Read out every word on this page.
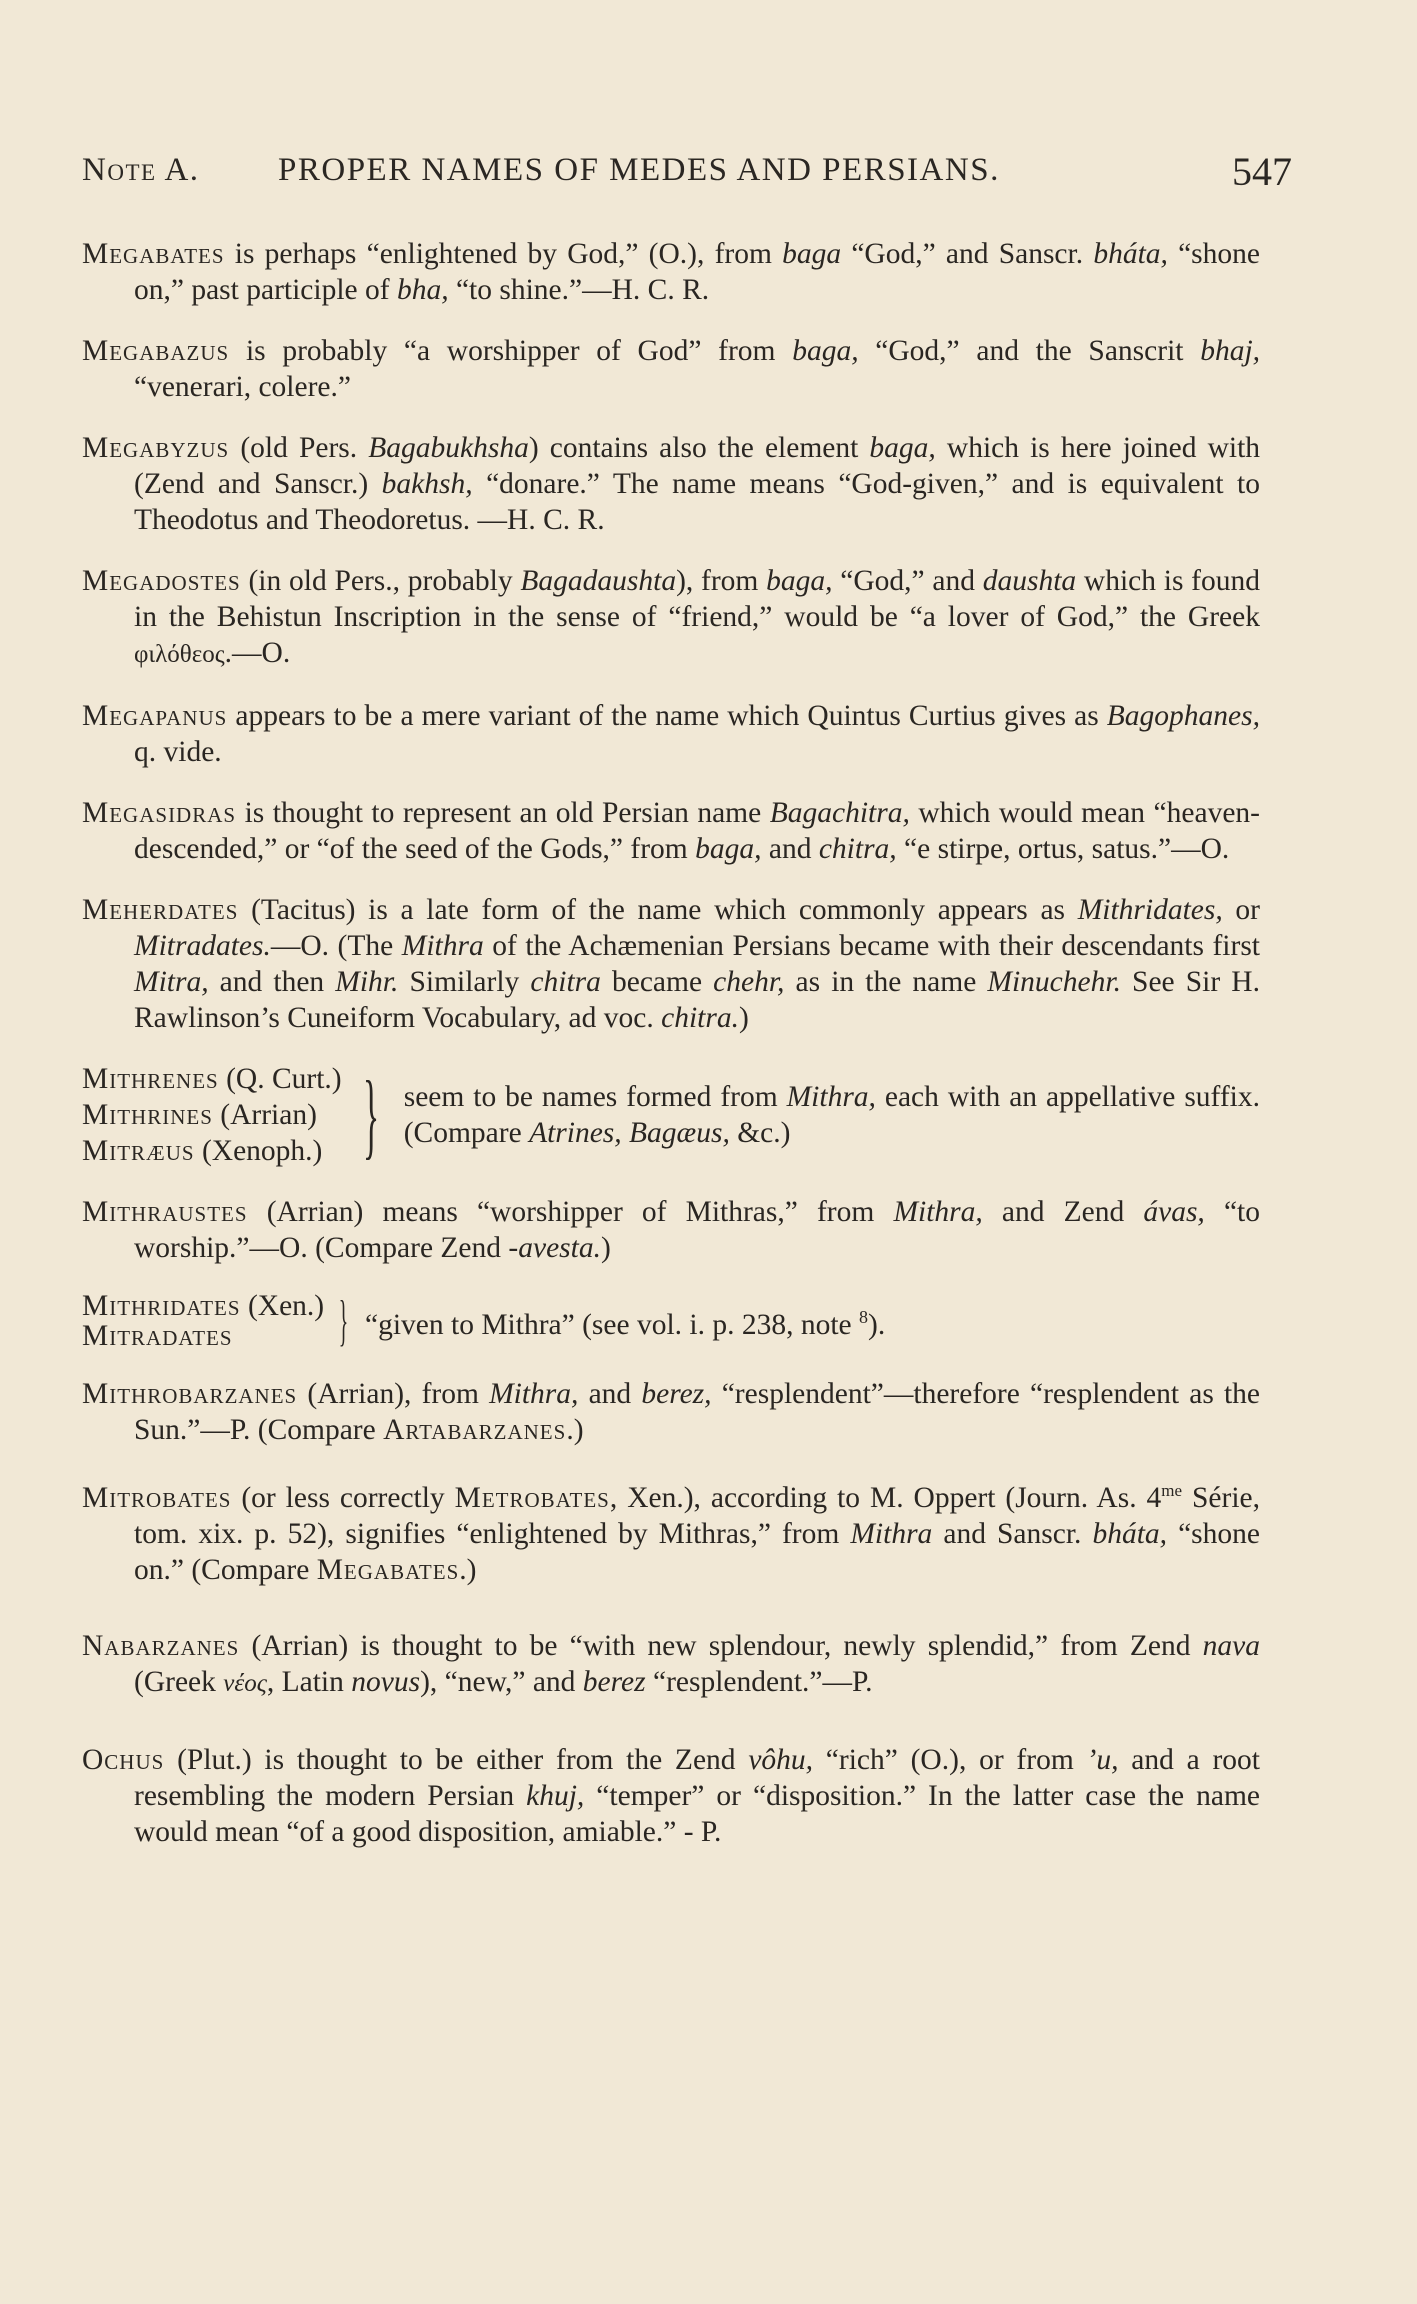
Note A. PROPER NAMES OF MEDES AND PERSIANS.	547

Megabates is perhaps “enlightened by God,” (O.), from baga “God,” and Sanscr. bháta, “shone on,” past participle of bha, “to shine.”—H. C. R.

Megabazus is probably “a worshipper of God” from baga, “God,” and the Sanscrit bhaj, “venerari, colere.”

Megabyzus (old Pers. Bagabukhsha) contains also the element baga, which is here joined with (Zend and Sanscr.) bakhsh, “donare.” The name means “God-given,” and is equivalent to Theodotus and Theodoretus. —H. C. R.

Megadostes (in old Pers., probably Bagadaushta), from baga, “God,” and daushta which is found in the Behistun Inscription in the sense of “friend,” would be “a lover of God,” the Greek φιλόθεος.—O.

Megapanus appears to be a mere variant of the name which Quintus Curtius gives as Bagophanes, q. vide.

Megasidras is thought to represent an old Persian name Bagachitra, which would mean “heaven-descended,” or “of the seed of the Gods,” from baga, and chitra, “e stirpe, ortus, satus.”—O.

Meherdates (Tacitus) is a late form of the name which commonly appears as Mithridates, or Mitradates.—O. (The Mithra of the Achæmenian Persians became with their descendants first Mitra, and then Mihr. Similarly chitra became chehr, as in the name Minuchehr. See Sir H. Rawlinson’s Cuneiform Vocabulary, ad voc. chitra.)

Mithrenes (Q. Curt.)
Mithrines (Arrian)
Mitræus (Xenoph.) } seem to be names formed from Mithra, each with an appellative suffix. (Compare Atrines, Bagæus, &c.)

Mithraustes (Arrian) means “worshipper of Mithras,” from Mithra, and Zend ávas, “to worship.”—O. (Compare Zend -avesta.)

Mithridates (Xen.)
Mitradates	} “given to Mithra” (see vol. i. p. 238, note $^8$).

Mithrobarzanes (Arrian), from Mithra, and berez, “resplendent”—therefore “resplendent as the Sun.”—P. (Compare Artabarzanes.)

Mitrobates (or less correctly Metrobates, Xen.), according to M. Oppert (Journ. As. $4^{me}$ Série, tom. xix. p. 52), signifies “enlightened by Mithras,” from Mithra and Sanscr. bháta, “shone on.” (Compare Megabates.)

Nabarzanes (Arrian) is thought to be “with new splendour, newly splendid,” from Zend nava (Greek νέος, Latin novus), “new,” and berez “resplendent.”—P.

Ochus (Plut.) is thought to be either from the Zend vôhu, “rich” (O.), or from ’u, and a root resembling the modern Persian khuj, “temper” or “disposition.” In the latter case the name would mean “of a good disposition, amiable.” - P.
